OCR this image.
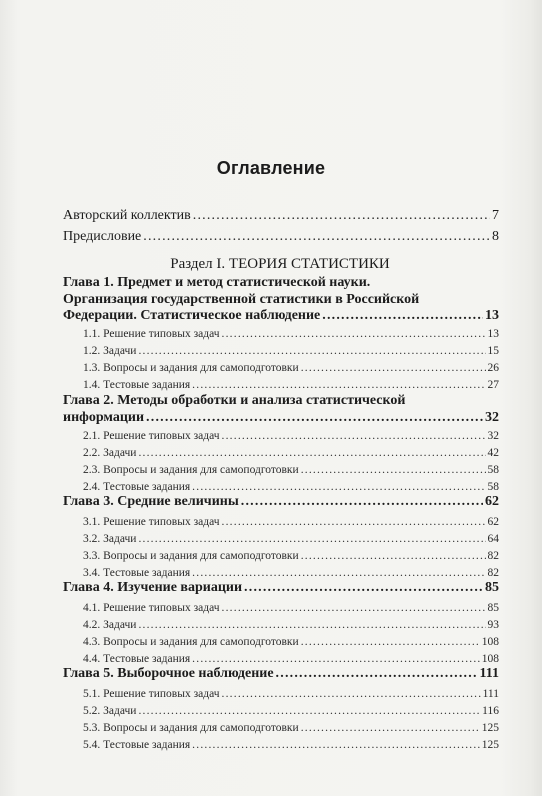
Оглавление
Авторский коллектив .....	7
Предисловие .....	8
Раздел I. ТЕОРИЯ СТАТИСТИКИ
Глава 1. Предмет и метод статистической науки.
Организация государственной статистики в Российской
Федерации. Статистическое наблюдение .....	13
1.1. Решение типовых задач .....	13
1.2. Задачи .....	15
1.3. Вопросы и задания для самоподготовки .....	26
1.4. Тестовые задания .....	27
Глава 2. Методы обработки и анализа статистической
информации .....	32
2.1. Решение типовых задач .....	32
2.2. Задачи .....	42
2.3. Вопросы и задания для самоподготовки .....	58
2.4. Тестовые задания .....	58
Глава 3. Средние величины .....	62
3.1. Решение типовых задач .....	62
3.2. Задачи .....	64
3.3. Вопросы и задания для самоподготовки .....	82
3.4. Тестовые задания .....	82
Глава 4. Изучение вариации .....	85
4.1. Решение типовых задач .....	85
4.2. Задачи .....	93
4.3. Вопросы и задания для самоподготовки .....	108
4.4. Тестовые задания .....	108
Глава 5. Выборочное наблюдение .....	111
5.1. Решение типовых задач .....	111
5.2. Задачи .....	116
5.3. Вопросы и задания для самоподготовки .....	125
5.4. Тестовые задания .....	125
